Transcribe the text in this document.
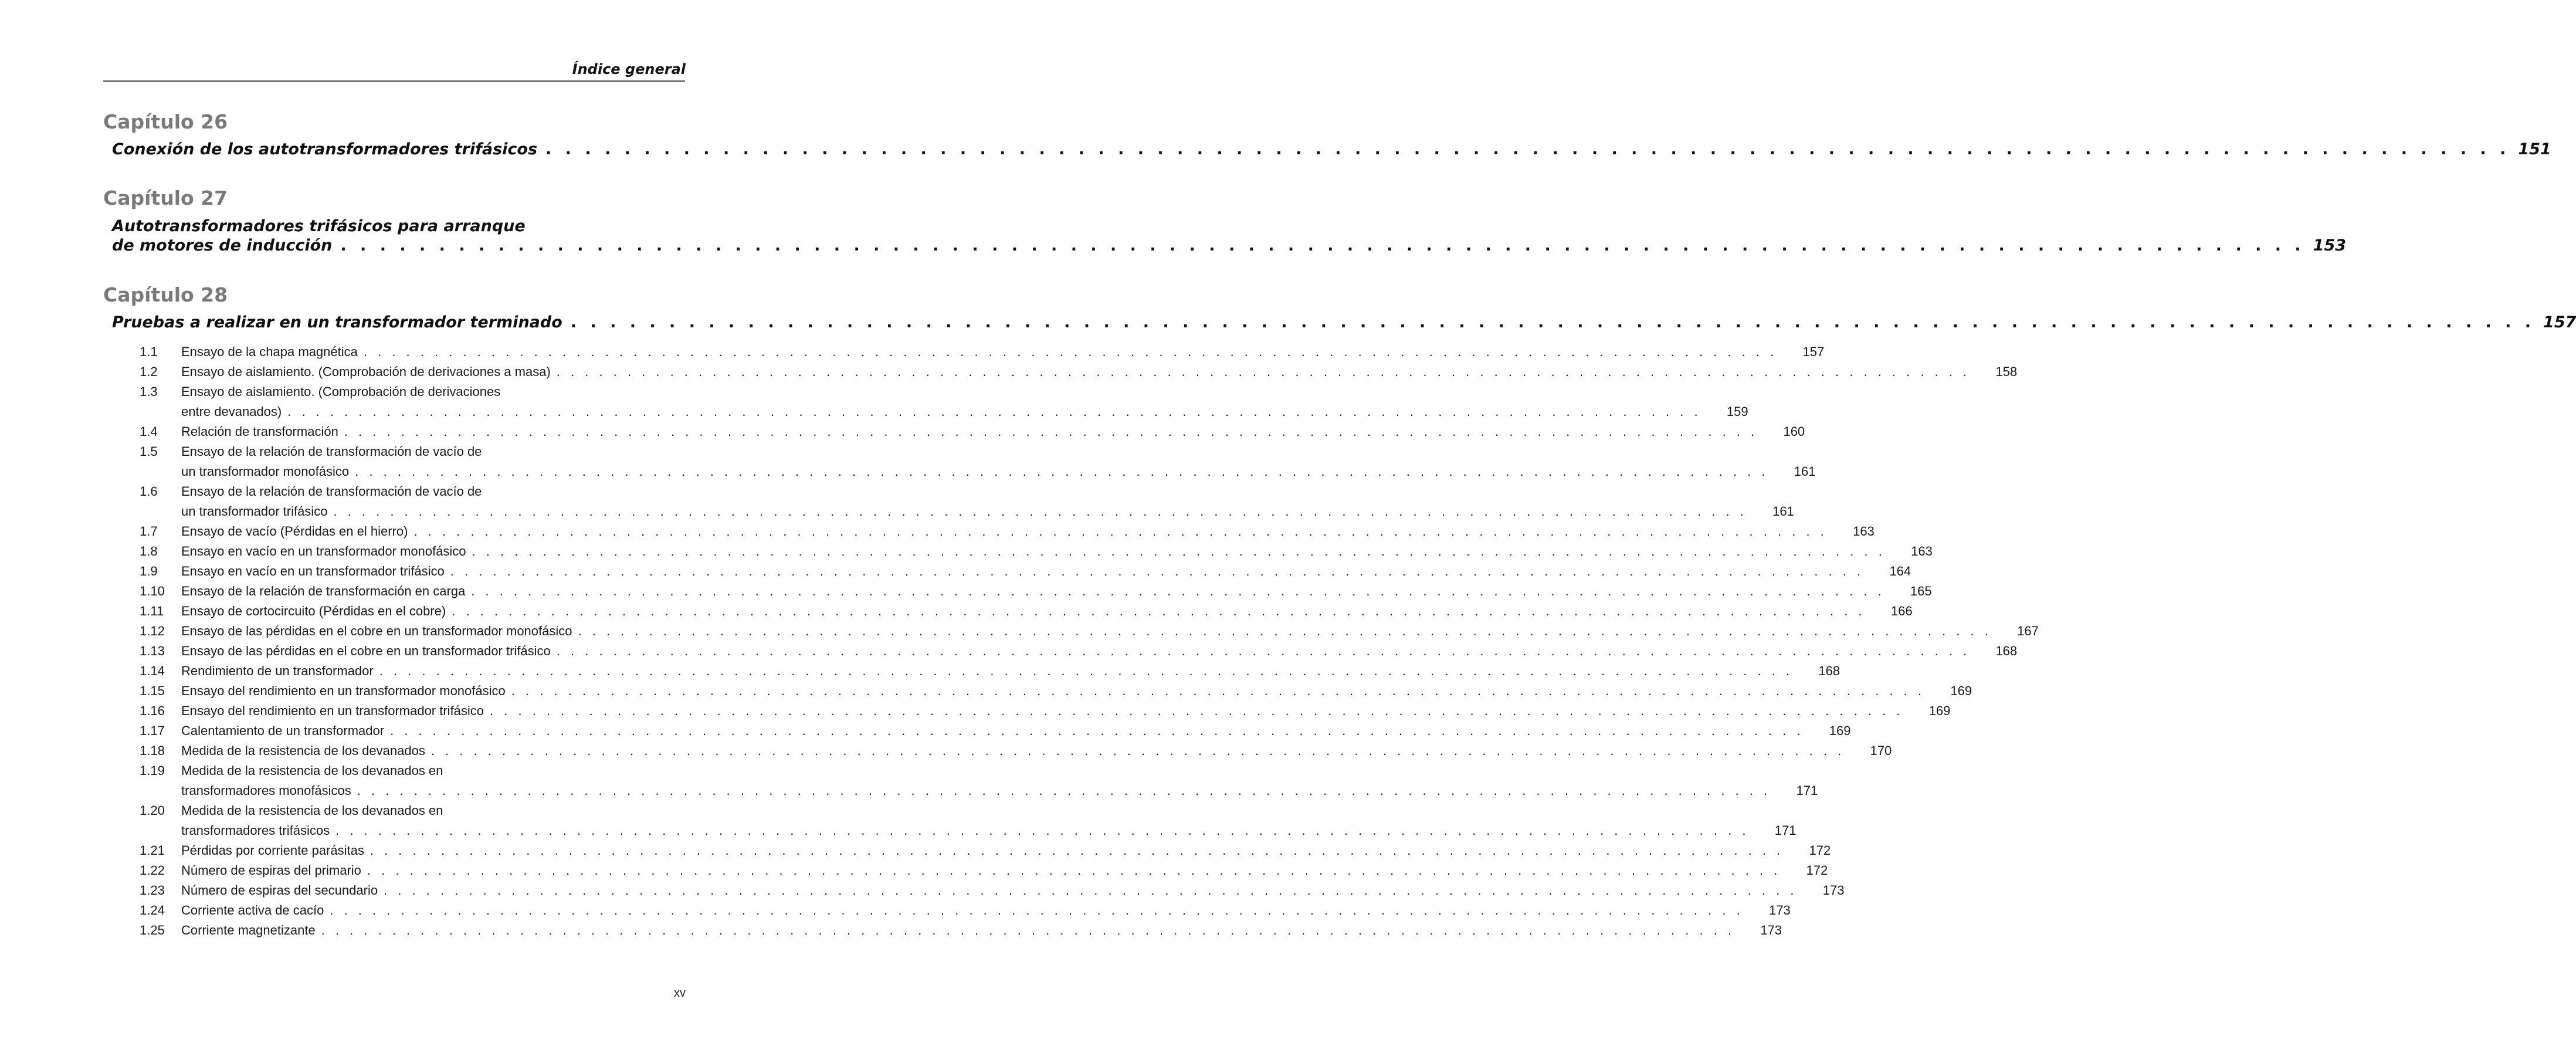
Índice general
Capítulo 26
Conexión de los autotransformadores trifásicos . . . . . . . . . . . . . . . . . . . . . . . . . . . . . . . . . . . . . . . . . . . . . . . . . . . . . . . . . . . . . . . . . . . . . . . . . . . . . . . . . . . . . . . . . . . . . . . . . . . . 151
Capítulo 27
Autotransformadores trifásicos para arranque
de motores de inducción . . . . . . . . . . . . . . . . . . . . . . . . . . . . . . . . . . . . . . . . . . . . . . . . . . . . . . . . . . . . . . . . . . . . . . . . . . . . . . . . . . . . . . . . . . . . . . . . . . . . 153
Capítulo 28
Pruebas a realizar en un transformador terminado . . . . . . . . . . . . . . . . . . . . . . . . . . . . . . . . . . . . . . . . . . . . . . . . . . . . . . . . . . . . . . . . . . . . . . . . . . . . . . . . . . . . . . . . . . . . . . . . . . . . 157
1.1	Ensayo de la chapa magnética . . . . . . . . . . . . . . . . . . . . . . . . . . . . . . . . . . . . . . . . . . . . . . . . . . . . . . . . . . . . . . . . . . . . . . . . . . . . . . . . . . . . . . . . . . . . . . . . . . . .	157
1.2	Ensayo de aislamiento. (Comprobación de derivaciones a masa) . . . . . . . . . . . . . . . . . . . . . . . . . . . . . . . . . . . . . . . . . . . . . . . . . . . . . . . . . . . . . . . . . . . . . . . . . . . . . . . . . . . . . . . . . . . . . . . . . . . .	158
1.3	Ensayo de aislamiento. (Comprobación de derivaciones
entre devanados) . . . . . . . . . . . . . . . . . . . . . . . . . . . . . . . . . . . . . . . . . . . . . . . . . . . . . . . . . . . . . . . . . . . . . . . . . . . . . . . . . . . . . . . . . . . . . . . . . . . .	159
1.4	Relación de transformación . . . . . . . . . . . . . . . . . . . . . . . . . . . . . . . . . . . . . . . . . . . . . . . . . . . . . . . . . . . . . . . . . . . . . . . . . . . . . . . . . . . . . . . . . . . . . . . . . . . .	160
1.5	Ensayo de la relación de transformación de vacío de
un transformador monofásico . . . . . . . . . . . . . . . . . . . . . . . . . . . . . . . . . . . . . . . . . . . . . . . . . . . . . . . . . . . . . . . . . . . . . . . . . . . . . . . . . . . . . . . . . . . . . . . . . . . .	161
1.6	Ensayo de la relación de transformación de vacío de
un transformador trifásico . . . . . . . . . . . . . . . . . . . . . . . . . . . . . . . . . . . . . . . . . . . . . . . . . . . . . . . . . . . . . . . . . . . . . . . . . . . . . . . . . . . . . . . . . . . . . . . . . . . .	161
1.7	Ensayo de vacío (Pérdidas en el hierro) . . . . . . . . . . . . . . . . . . . . . . . . . . . . . . . . . . . . . . . . . . . . . . . . . . . . . . . . . . . . . . . . . . . . . . . . . . . . . . . . . . . . . . . . . . . . . . . . . . . .	163
1.8	Ensayo en vacío en un transformador monofásico . . . . . . . . . . . . . . . . . . . . . . . . . . . . . . . . . . . . . . . . . . . . . . . . . . . . . . . . . . . . . . . . . . . . . . . . . . . . . . . . . . . . . . . . . . . . . . . . . . . .	163
1.9	Ensayo en vacío en un transformador trifásico . . . . . . . . . . . . . . . . . . . . . . . . . . . . . . . . . . . . . . . . . . . . . . . . . . . . . . . . . . . . . . . . . . . . . . . . . . . . . . . . . . . . . . . . . . . . . . . . . . . .	164
1.10	Ensayo de la relación de transformación en carga . . . . . . . . . . . . . . . . . . . . . . . . . . . . . . . . . . . . . . . . . . . . . . . . . . . . . . . . . . . . . . . . . . . . . . . . . . . . . . . . . . . . . . . . . . . . . . . . . . . .	165
1.11	Ensayo de cortocircuito (Pérdidas en el cobre) . . . . . . . . . . . . . . . . . . . . . . . . . . . . . . . . . . . . . . . . . . . . . . . . . . . . . . . . . . . . . . . . . . . . . . . . . . . . . . . . . . . . . . . . . . . . . . . . . . . .	166
1.12	Ensayo de las pérdidas en el cobre en un transformador monofásico . . . . . . . . . . . . . . . . . . . . . . . . . . . . . . . . . . . . . . . . . . . . . . . . . . . . . . . . . . . . . . . . . . . . . . . . . . . . . . . . . . . . . . . . . . . . . . . . . . . .	167
1.13	Ensayo de las pérdidas en el cobre en un transformador trifásico . . . . . . . . . . . . . . . . . . . . . . . . . . . . . . . . . . . . . . . . . . . . . . . . . . . . . . . . . . . . . . . . . . . . . . . . . . . . . . . . . . . . . . . . . . . . . . . . . . . .	168
1.14	Rendimiento de un transformador . . . . . . . . . . . . . . . . . . . . . . . . . . . . . . . . . . . . . . . . . . . . . . . . . . . . . . . . . . . . . . . . . . . . . . . . . . . . . . . . . . . . . . . . . . . . . . . . . . . .	168
1.15	Ensayo del rendimiento en un transformador monofásico . . . . . . . . . . . . . . . . . . . . . . . . . . . . . . . . . . . . . . . . . . . . . . . . . . . . . . . . . . . . . . . . . . . . . . . . . . . . . . . . . . . . . . . . . . . . . . . . . . . .	169
1.16	Ensayo del rendimiento en un transformador trifásico . . . . . . . . . . . . . . . . . . . . . . . . . . . . . . . . . . . . . . . . . . . . . . . . . . . . . . . . . . . . . . . . . . . . . . . . . . . . . . . . . . . . . . . . . . . . . . . . . . . .	169
1.17	Calentamiento de un transformador . . . . . . . . . . . . . . . . . . . . . . . . . . . . . . . . . . . . . . . . . . . . . . . . . . . . . . . . . . . . . . . . . . . . . . . . . . . . . . . . . . . . . . . . . . . . . . . . . . . .	169
1.18	Medida de la resistencia de los devanados . . . . . . . . . . . . . . . . . . . . . . . . . . . . . . . . . . . . . . . . . . . . . . . . . . . . . . . . . . . . . . . . . . . . . . . . . . . . . . . . . . . . . . . . . . . . . . . . . . . .	170
1.19	Medida de la resistencia de los devanados en
transformadores monofásicos . . . . . . . . . . . . . . . . . . . . . . . . . . . . . . . . . . . . . . . . . . . . . . . . . . . . . . . . . . . . . . . . . . . . . . . . . . . . . . . . . . . . . . . . . . . . . . . . . . . .	171
1.20	Medida de la resistencia de los devanados en
transformadores trifásicos . . . . . . . . . . . . . . . . . . . . . . . . . . . . . . . . . . . . . . . . . . . . . . . . . . . . . . . . . . . . . . . . . . . . . . . . . . . . . . . . . . . . . . . . . . . . . . . . . . . .	171
1.21	Pérdidas por corriente parásitas . . . . . . . . . . . . . . . . . . . . . . . . . . . . . . . . . . . . . . . . . . . . . . . . . . . . . . . . . . . . . . . . . . . . . . . . . . . . . . . . . . . . . . . . . . . . . . . . . . . .	172
1.22	Número de espiras del primario . . . . . . . . . . . . . . . . . . . . . . . . . . . . . . . . . . . . . . . . . . . . . . . . . . . . . . . . . . . . . . . . . . . . . . . . . . . . . . . . . . . . . . . . . . . . . . . . . . . .	172
1.23	Número de espiras del secundario . . . . . . . . . . . . . . . . . . . . . . . . . . . . . . . . . . . . . . . . . . . . . . . . . . . . . . . . . . . . . . . . . . . . . . . . . . . . . . . . . . . . . . . . . . . . . . . . . . . .	173
1.24	Corriente activa de cacío . . . . . . . . . . . . . . . . . . . . . . . . . . . . . . . . . . . . . . . . . . . . . . . . . . . . . . . . . . . . . . . . . . . . . . . . . . . . . . . . . . . . . . . . . . . . . . . . . . . .	173
1.25	Corriente magnetizante . . . . . . . . . . . . . . . . . . . . . . . . . . . . . . . . . . . . . . . . . . . . . . . . . . . . . . . . . . . . . . . . . . . . . . . . . . . . . . . . . . . . . . . . . . . . . . . . . . . .	173
xv
